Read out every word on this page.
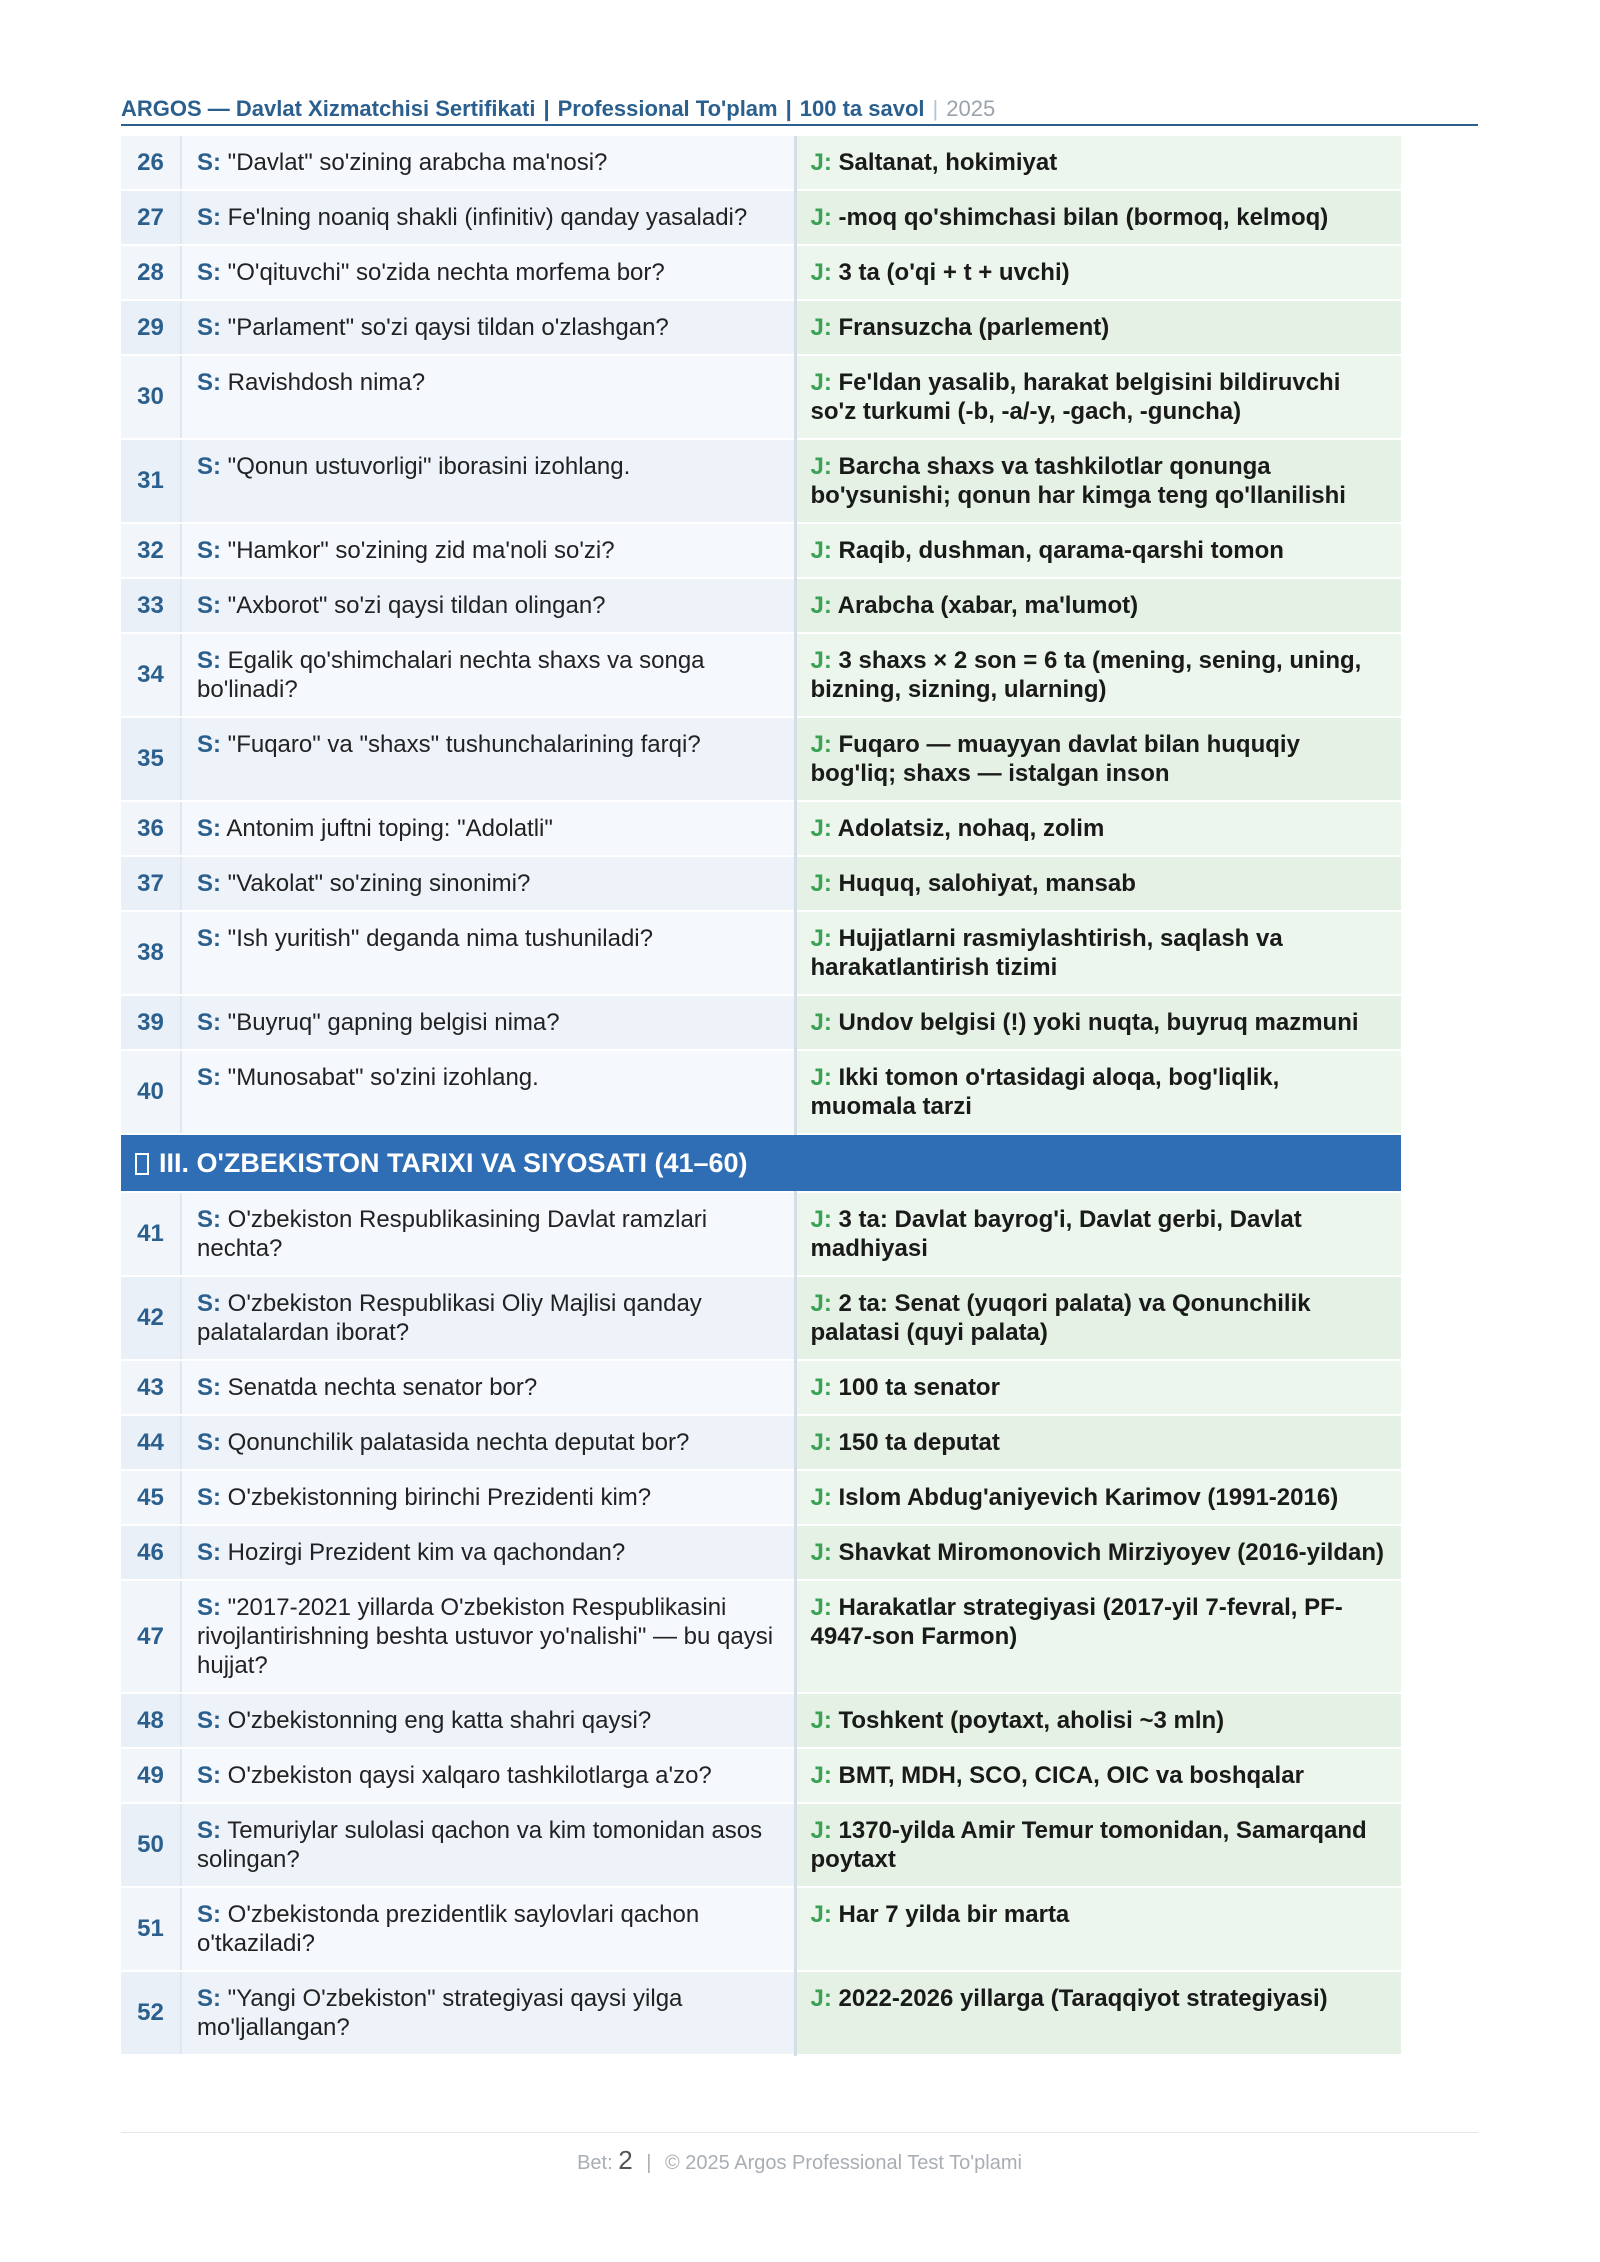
ARGOS — Davlat Xizmatchisi Sertifikati | Professional To'plam | 100 ta savol | 2025
26	S: "Davlat" so'zining arabcha ma'nosi?	J: Saltanat, hokimiyat
27	S: Fe'lning noaniq shakli (infinitiv) qanday yasaladi?	J: -moq qo'shimchasi bilan (bormoq, kelmoq)
28	S: "O'qituvchi" so'zida nechta morfema bor?	J: 3 ta (o'qi + t + uvchi)
29	S: "Parlament" so'zi qaysi tildan o'zlashgan?	J: Fransuzcha (parlement)
30	S: Ravishdosh nima?	J: Fe'ldan yasalib, harakat belgisini bildiruvchi so'z turkumi (-b, -a/-y, -gach, -guncha)
31	S: "Qonun ustuvorligi" iborasini izohlang.	J: Barcha shaxs va tashkilotlar qonunga bo'ysunishi; qonun har kimga teng qo'llanilishi
32	S: "Hamkor" so'zining zid ma'noli so'zi?	J: Raqib, dushman, qarama-qarshi tomon
33	S: "Axborot" so'zi qaysi tildan olingan?	J: Arabcha (xabar, ma'lumot)
34	S: Egalik qo'shimchalari nechta shaxs va songa bo'linadi?	J: 3 shaxs × 2 son = 6 ta (mening, sening, uning, bizning, sizning, ularning)
35	S: "Fuqaro" va "shaxs" tushunchalarining farqi?	J: Fuqaro — muayyan davlat bilan huquqiy bog'liq; shaxs — istalgan inson
36	S: Antonim juftni toping: "Adolatli"	J: Adolatsiz, nohaq, zolim
37	S: "Vakolat" so'zining sinonimi?	J: Huquq, salohiyat, mansab
38	S: "Ish yuritish" deganda nima tushuniladi?	J: Hujjatlarni rasmiylashtirish, saqlash va harakatlantirish tizimi
39	S: "Buyruq" gapning belgisi nima?	J: Undov belgisi (!) yoki nuqta, buyruq mazmuni
40	S: "Munosabat" so'zini izohlang.	J: Ikki tomon o'rtasidagi aloqa, bog'liqlik, muomala tarzi
III. O'ZBEKISTON TARIXI VA SIYOSATI (41–60)		
41	S: O'zbekiston Respublikasining Davlat ramzlari nechta?	J: 3 ta: Davlat bayrog'i, Davlat gerbi, Davlat madhiyasi
42	S: O'zbekiston Respublikasi Oliy Majlisi qanday palatalardan iborat?	J: 2 ta: Senat (yuqori palata) va Qonunchilik palatasi (quyi palata)
43	S: Senatda nechta senator bor?	J: 100 ta senator
44	S: Qonunchilik palatasida nechta deputat bor?	J: 150 ta deputat
45	S: O'zbekistonning birinchi Prezidenti kim?	J: Islom Abdug'aniyevich Karimov (1991-2016)
46	S: Hozirgi Prezident kim va qachondan?	J: Shavkat Miromonovich Mirziyoyev (2016-yildan)
47	S: "2017-2021 yillarda O'zbekiston Respublikasini rivojlantirishning beshta ustuvor yo'nalishi" — bu qaysi hujjat?	J: Harakatlar strategiyasi (2017-yil 7-fevral, PF-4947-son Farmon)
48	S: O'zbekistonning eng katta shahri qaysi?	J: Toshkent (poytaxt, aholisi ~3 mln)
49	S: O'zbekiston qaysi xalqaro tashkilotlarga a'zo?	J: BMT, MDH, SCO, CICA, OIC va boshqalar
50	S: Temuriylar sulolasi qachon va kim tomonidan asos solingan?	J: 1370-yilda Amir Temur tomonidan, Samarqand poytaxt
51	S: O'zbekistonda prezidentlik saylovlari qachon o'tkaziladi?	J: Har 7 yilda bir marta
52	S: "Yangi O'zbekiston" strategiyasi qaysi yilga mo'ljallangan?	J: 2022-2026 yillarga (Taraqqiyot strategiyasi)
Bet: 2 | © 2025 Argos Professional Test To'plami
